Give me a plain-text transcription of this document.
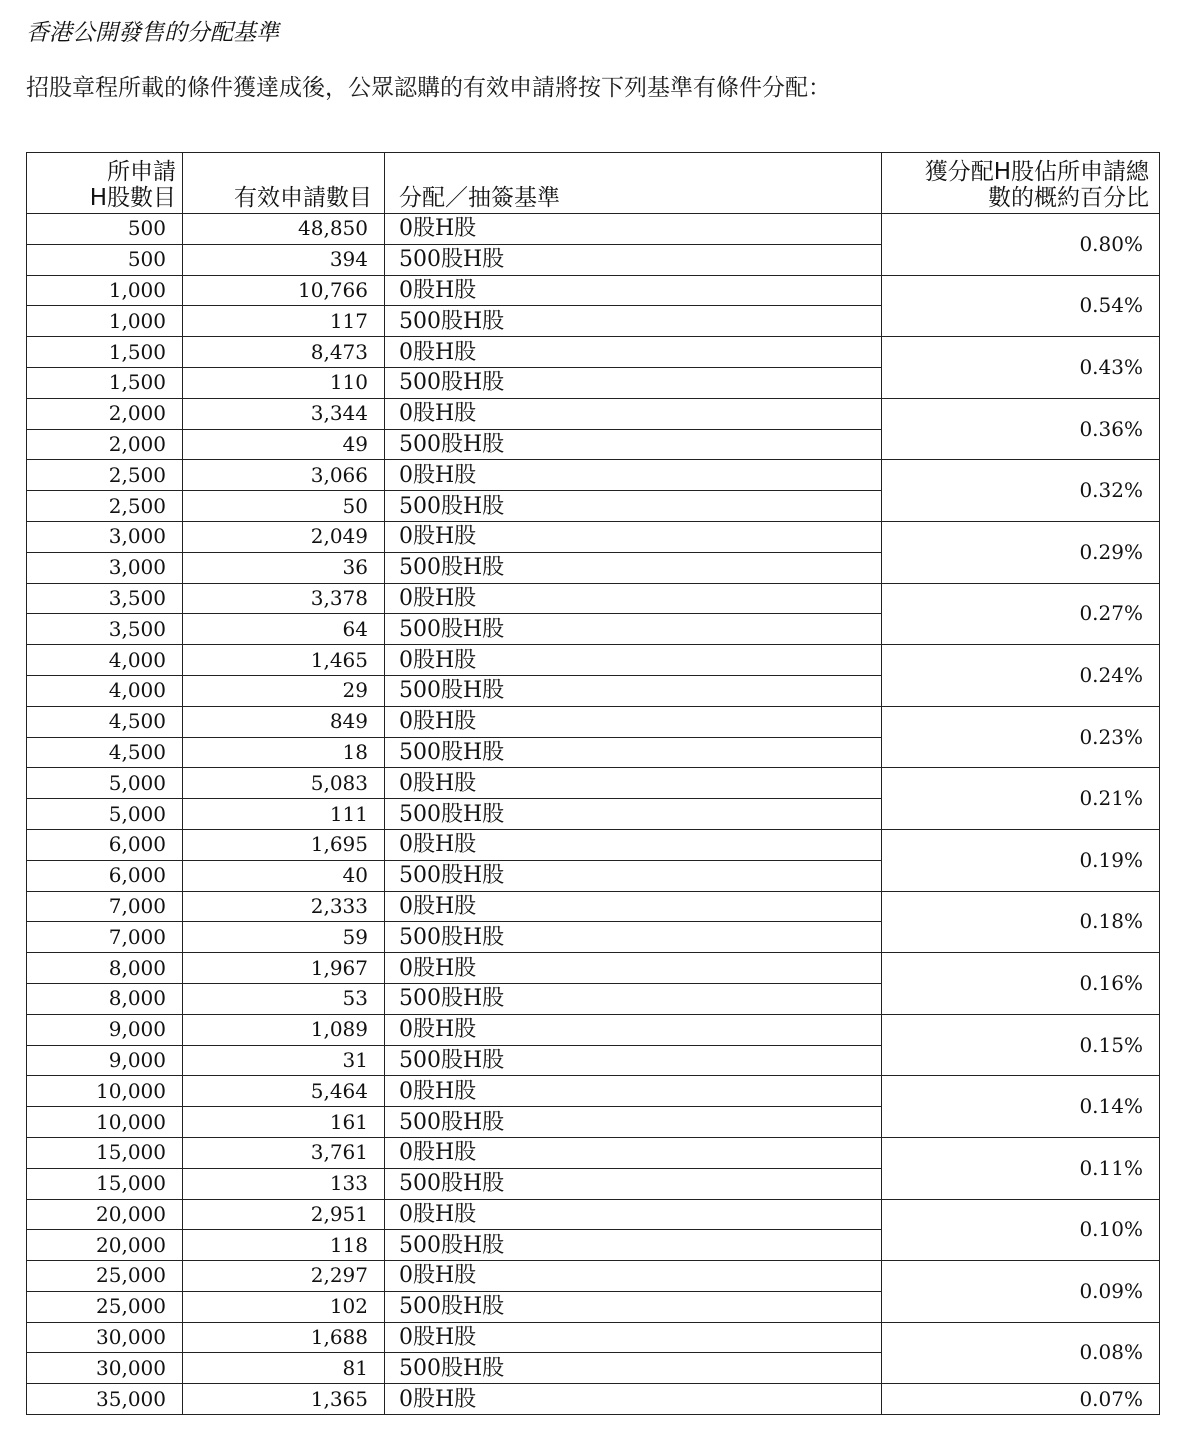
香港公開發售的分配基準
招股章程所載的條件獲達成後，公眾認購的有效申請將按下列基準有條件分配：
所申請
H股數目	有效申請數目	分配／抽簽基準	獲分配H股佔所申請總
數的概約百分比

500	48,850	0股H股	0.80%
500	394	500股H股	
1,000	10,766	0股H股	0.54%
1,000	117	500股H股	
1,500	8,473	0股H股	0.43%
1,500	110	500股H股	
2,000	3,344	0股H股	0.36%
2,000	49	500股H股	
2,500	3,066	0股H股	0.32%
2,500	50	500股H股	
3,000	2,049	0股H股	0.29%
3,000	36	500股H股	
3,500	3,378	0股H股	0.27%
3,500	64	500股H股	
4,000	1,465	0股H股	0.24%
4,000	29	500股H股	
4,500	849	0股H股	0.23%
4,500	18	500股H股	
5,000	5,083	0股H股	0.21%
5,000	111	500股H股	
6,000	1,695	0股H股	0.19%
6,000	40	500股H股	
7,000	2,333	0股H股	0.18%
7,000	59	500股H股	
8,000	1,967	0股H股	0.16%
8,000	53	500股H股	
9,000	1,089	0股H股	0.15%
9,000	31	500股H股	
10,000	5,464	0股H股	0.14%
10,000	161	500股H股	
15,000	3,761	0股H股	0.11%
15,000	133	500股H股	
20,000	2,951	0股H股	0.10%
20,000	118	500股H股	
25,000	2,297	0股H股	0.09%
25,000	102	500股H股	
30,000	1,688	0股H股	0.08%
30,000	81	500股H股	
35,000	1,365	0股H股	0.07%
